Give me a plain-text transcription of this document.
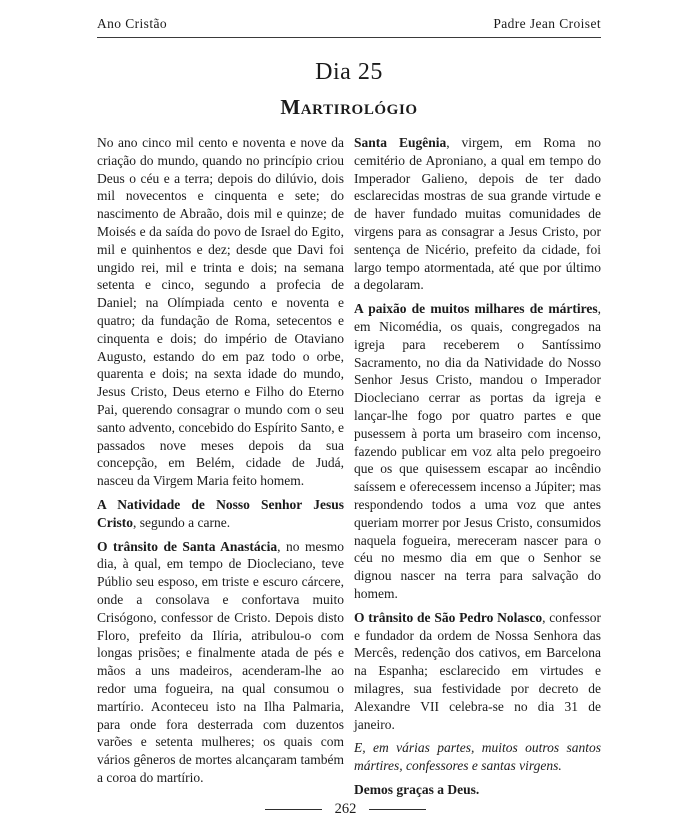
Ano Cristão	Padre Jean Croiset
Dia 25
Martirológio

No ano cinco mil cento e noventa e nove da criação do mundo, quando no princípio criou Deus o céu e a terra; depois do dilúvio, dois mil novecentos e cinquenta e sete; do nascimento de Abraão, dois mil e quinze; de Moisés e da saída do povo de Israel do Egito, mil e quinhentos e dez; desde que Davi foi ungido rei, mil e trinta e dois; na semana setenta e cinco, segundo a profecia de Daniel; na Olímpiada cento e noventa e quatro; da fundação de Roma, setecentos e cinquenta e dois; do império de Otaviano Augusto, estando do em paz todo o orbe, quarenta e dois; na sexta idade do mundo, Jesus Cristo, Deus eterno e Filho do Eterno Pai, querendo consagrar o mundo com o seu santo advento, concebido do Espírito Santo, e passados nove meses depois da sua concepção, em Belém, cidade de Judá, nasceu da Virgem Maria feito homem.

A Natividade de Nosso Senhor Jesus Cristo, segundo a carne.

O trânsito de Santa Anastácia, no mesmo dia, à qual, em tempo de Diocleciano, teve Públio seu esposo, em triste e escuro cárcere, onde a consolava e confortava muito Crisógono, confessor de Cristo. Depois disto Floro, prefeito da Ilíria, atribulou-o com longas prisões; e finalmente atada de pés e mãos a uns madeiros, acenderam-lhe ao redor uma fogueira, na qual consumou o martírio. Aconteceu isto na Ilha Palmaria, para onde fora desterrada com duzentos varões e setenta mulheres; os quais com vários gêneros de mortes alcançaram também a coroa do martírio.

Santa Eugênia, virgem, em Roma no cemitério de Aproniano, a qual em tempo do Imperador Galieno, depois de ter dado esclarecidas mostras de sua grande virtude e de haver fundado muitas comunidades de virgens para as consagrar a Jesus Cristo, por sentença de Nicério, prefeito da cidade, foi largo tempo atormentada, até que por último a degolaram.

A paixão de muitos milhares de mártires, em Nicomédia, os quais, congregados na igreja para receberem o Santíssimo Sacramento, no dia da Natividade do Nosso Senhor Jesus Cristo, mandou o Imperador Diocleciano cerrar as portas da igreja e lançar-lhe fogo por quatro partes e que pusessem à porta um braseiro com incenso, fazendo publicar em voz alta pelo pregoeiro que os que quisessem escapar ao incêndio saíssem e oferecessem incenso a Júpiter; mas respondendo todos a uma voz que antes queriam morrer por Jesus Cristo, consumidos naquela fogueira, mereceram nascer para o céu no mesmo dia em que o Senhor se dignou nascer na terra para salvação do homem.

O trânsito de São Pedro Nolasco, confessor e fundador da ordem de Nossa Senhora das Mercês, redenção dos cativos, em Barcelona na Espanha; esclarecido em virtudes e milagres, sua festividade por decreto de Alexandre VII celebra-se no dia 31 de janeiro.

E, em várias partes, muitos outros santos mártires, confessores e santas virgens.

Demos graças a Deus.

262
